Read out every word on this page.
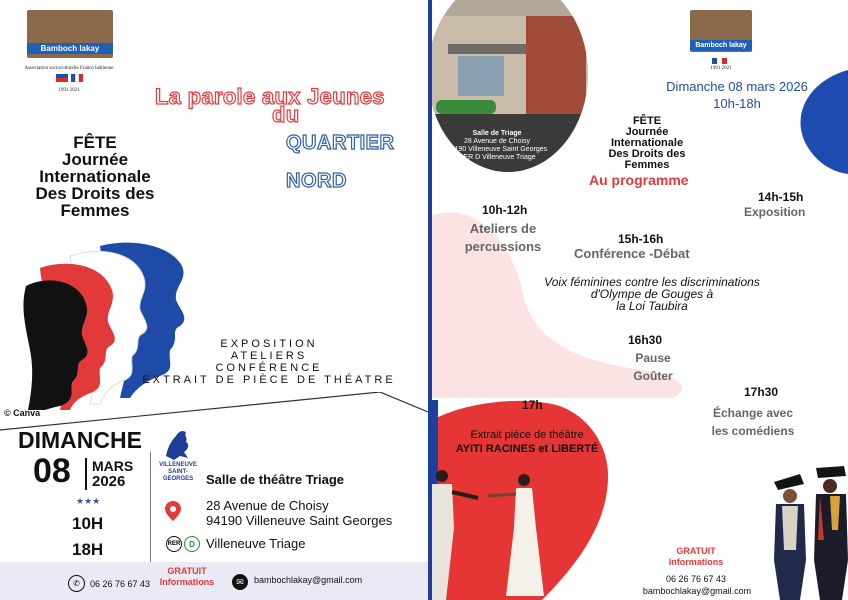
Bamboch lakay
Association socioculturelle Franco haïtienne
1991 2021	La parole aux Jeunes
du
QUARTIER
NORD
FÊTE
Journée
Internationale
Des Droits des
Femmes
EXPOSITION
ATELIERS
CONFÉRENCE
EXTRAIT DE PIÈCE DE THÉATRE
© Canva
DIMANCHE
08 MARS
2026
★★★
10H
18H
VILLENEUVE
SAINT-GEORGES Salle de théâtre Triage
28 Avenue de Choisy
94190 Villeneuve Saint Georges
RER	D Villeneuve Triage
✆	06 26 76 67 43
GRATUIT
Informations	✉	bambochlakay@gmail.com
Salle de Triage
28 Avenue de Choisy
94190 Villeneuve Saint Georges
RER D Villeneuve Triage
Bamboch lakay
1991 2021
Dimanche 08 mars 2026
10h-18h
FÊTE
Journée
Internationale
Des Droits des
Femmes
Au programme
14h-15h
Exposition
10h-12h
Ateliers de
percussions	15h-16h
Conférence -Débat
Voix féminines contre les discriminations
d'Olympe de Gouges à
la Loi Taubira
16h30
Pause
Goûter
17h30
Échange avec
les comédiens
17h
Extrait pièce de théâtre
AYITI RACINES et LIBERTÉ
GRATUIT
Informations
06 26 76 67 43
bambochlakay@gmail.com
